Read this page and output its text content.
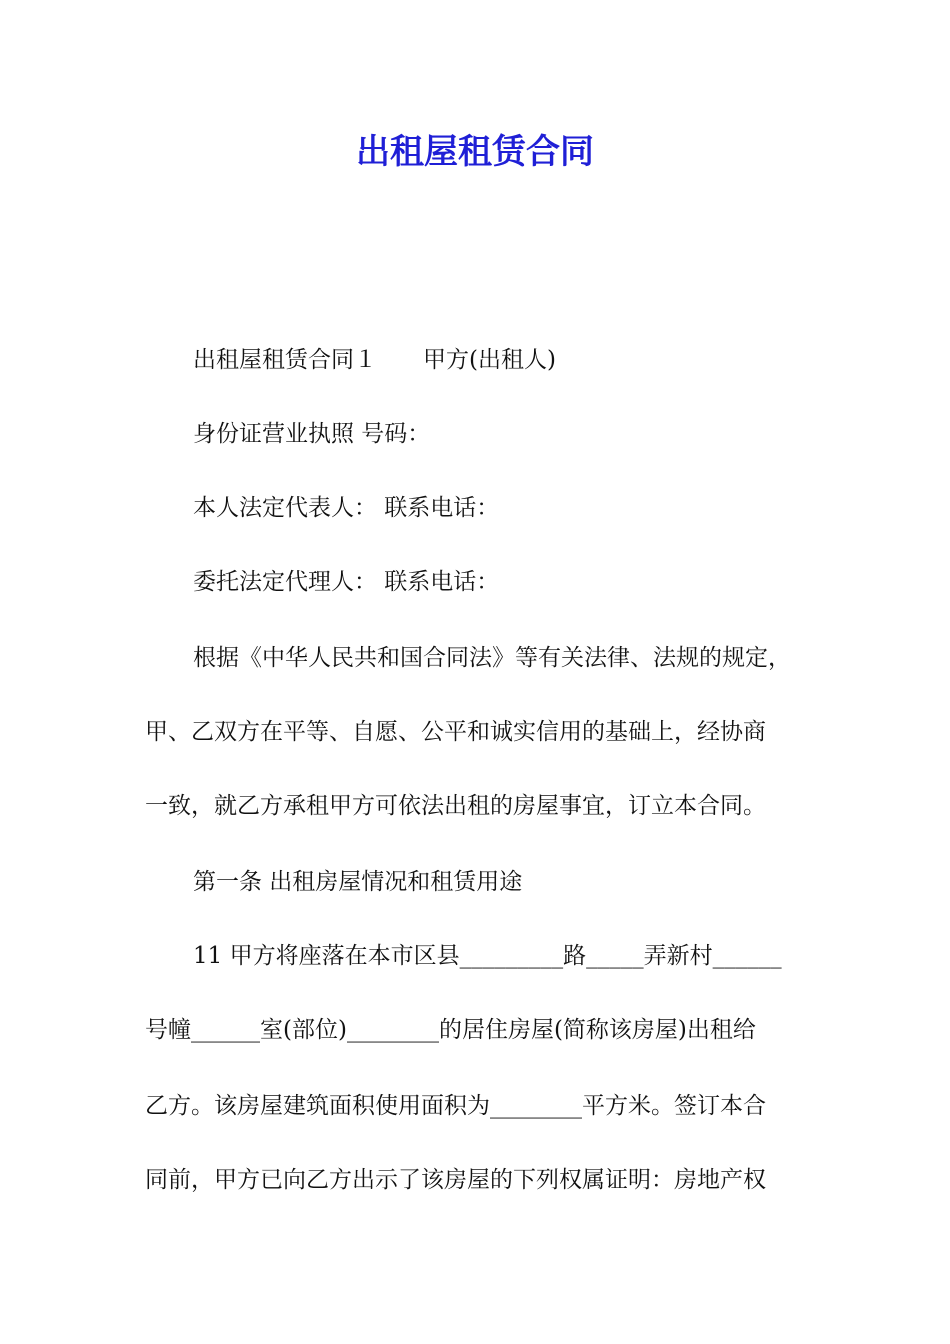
出租屋租赁合同
出租屋租赁合同１　　甲方(出租人)
身份证营业执照 号码：
本人法定代表人： 联系电话：
委托法定代理人： 联系电话：
根据《中华人民共和国合同法》等有关法律、法规的规定，
甲、乙双方在平等、自愿、公平和诚实信用的基础上，经协商
一致，就乙方承租甲方可依法出租的房屋事宜，订立本合同。
第一条 出租房屋情况和租赁用途
11 甲方将座落在本市区县_________路_____弄新村______
号幢______室(部位)________的居住房屋(简称该房屋)出租给
乙方。该房屋建筑面积使用面积为________平方米。签订本合
同前，甲方已向乙方出示了该房屋的下列权属证明：房地产权
